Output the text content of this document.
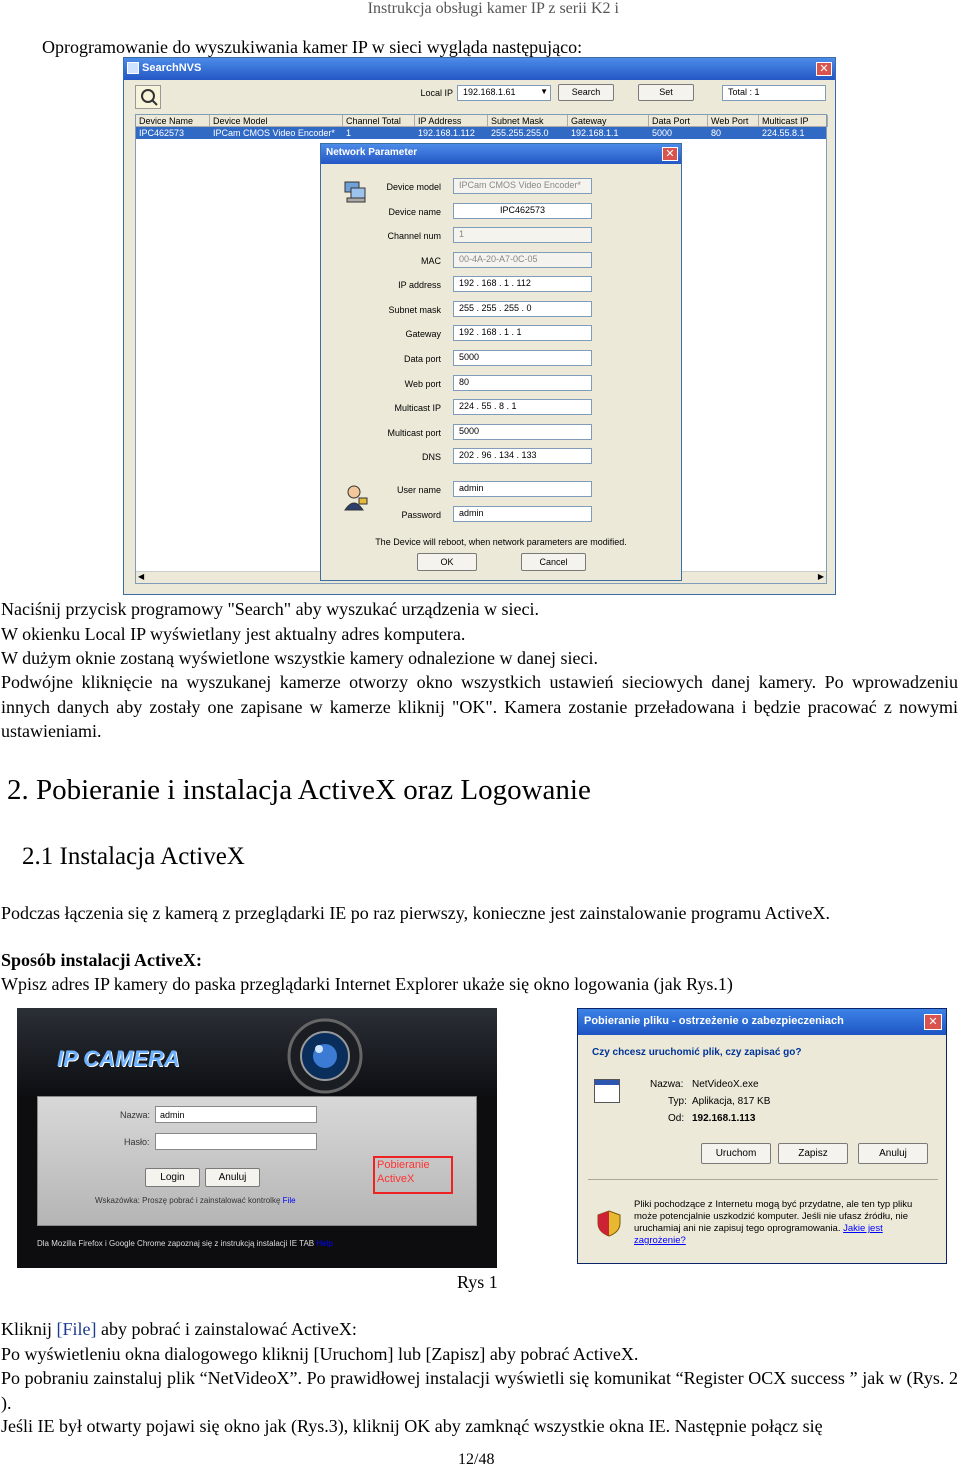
Instrukcja obsługi kamer IP z serii K2 i
Oprogramowanie do wyszukiwania kamer IP w sieci wygląda następująco:
SearchNVS	✕
Local IP	192.168.1.61	▼	Search	Set	Total : 1
Device Name	Device Model	Channel Total	IP Address	Subnet Mask	Gateway	Data Port	Web Port	Multicast IP
IPC462573	IPCam CMOS Video Encoder*	1	192.168.1.112	255.255.255.0	192.168.1.1	5000	80	224.55.8.1
◀	▶
Network Parameter	✕
User name	admin
Password	admin
The Device will reboot, when network parameters are modified.
OK	Cancel
Device model	IPCam CMOS Video Encoder*
Device name	IPC462573
Channel num	1
MAC	00-4A-20-A7-0C-05
IP address	192 . 168 . 1 . 112
Subnet mask	255 . 255 . 255 . 0
Gateway	192 . 168 . 1 . 1
Data port	5000
Web port	80
Multicast IP	224 . 55 . 8 . 1
Multicast port	5000
DNS	202 . 96 . 134 . 133
Naciśnij przycisk programowy "Search" aby wyszukać urządzenia w sieci.
W okienku Local IP wyświetlany jest aktualny adres komputera.
W dużym oknie zostaną wyświetlone wszystkie kamery odnalezione w danej sieci.
Podwójne kliknięcie na wyszukanej kamerze otworzy okno wszystkich ustawień sieciowych danej kamery. Po wprowadzeniu innych danych aby zostały one zapisane w kamerze kliknij "OK". Kamera zostanie przeładowana i będzie pracować z nowymi ustawieniami.
2. Pobieranie i instalacja ActiveX oraz Logowanie
2.1 Instalacja ActiveX
Podczas łączenia się z kamerą z przeglądarki IE po raz pierwszy, konieczne jest zainstalowanie programu ActiveX.
Sposób instalacji ActiveX:
Wpisz adres IP kamery do paska przeglądarki Internet Explorer ukaże się okno logowania (jak Rys.1)
IP CAMERA
Nazwa:	admin
Hasło:
Login	Anuluj
Wskazówka: Proszę pobrać i zainstalować kontrolkę File
Pobieranie
ActiveX
Dla Mozilla Firefox i Google Chrome zapoznaj się z instrukcją instalacji IE TAB Help
Pobieranie pliku - ostrzeżenie o zabezpieczeniach	✕
Czy chcesz uruchomić plik, czy zapisać go?
Nazwa: NetVideoX.exe
Typ: Aplikacja, 817 KB
Od: 192.168.1.113
Uruchom	Zapisz	Anuluj
Pliki pochodzące z Internetu mogą być przydatne, ale ten typ pliku może potencjalnie uszkodzić komputer. Jeśli nie ufasz źródłu, nie uruchamiaj ani nie zapisuj tego oprogramowania. Jakie jest zagrożenie?
Rys 1
Kliknij [File] aby pobrać i zainstalować ActiveX:
Po wyświetleniu okna dialogowego kliknij [Uruchom] lub [Zapisz] aby pobrać ActiveX.
Po pobraniu zainstaluj plik “NetVideoX”. Po prawidłowej instalacji wyświetli się komunikat “Register OCX success ” jak w (Rys. 2 ).
Jeśli IE był otwarty pojawi się okno jak (Rys.3), kliknij OK aby zamknąć wszystkie okna IE. Następnie połącz się
12/48
